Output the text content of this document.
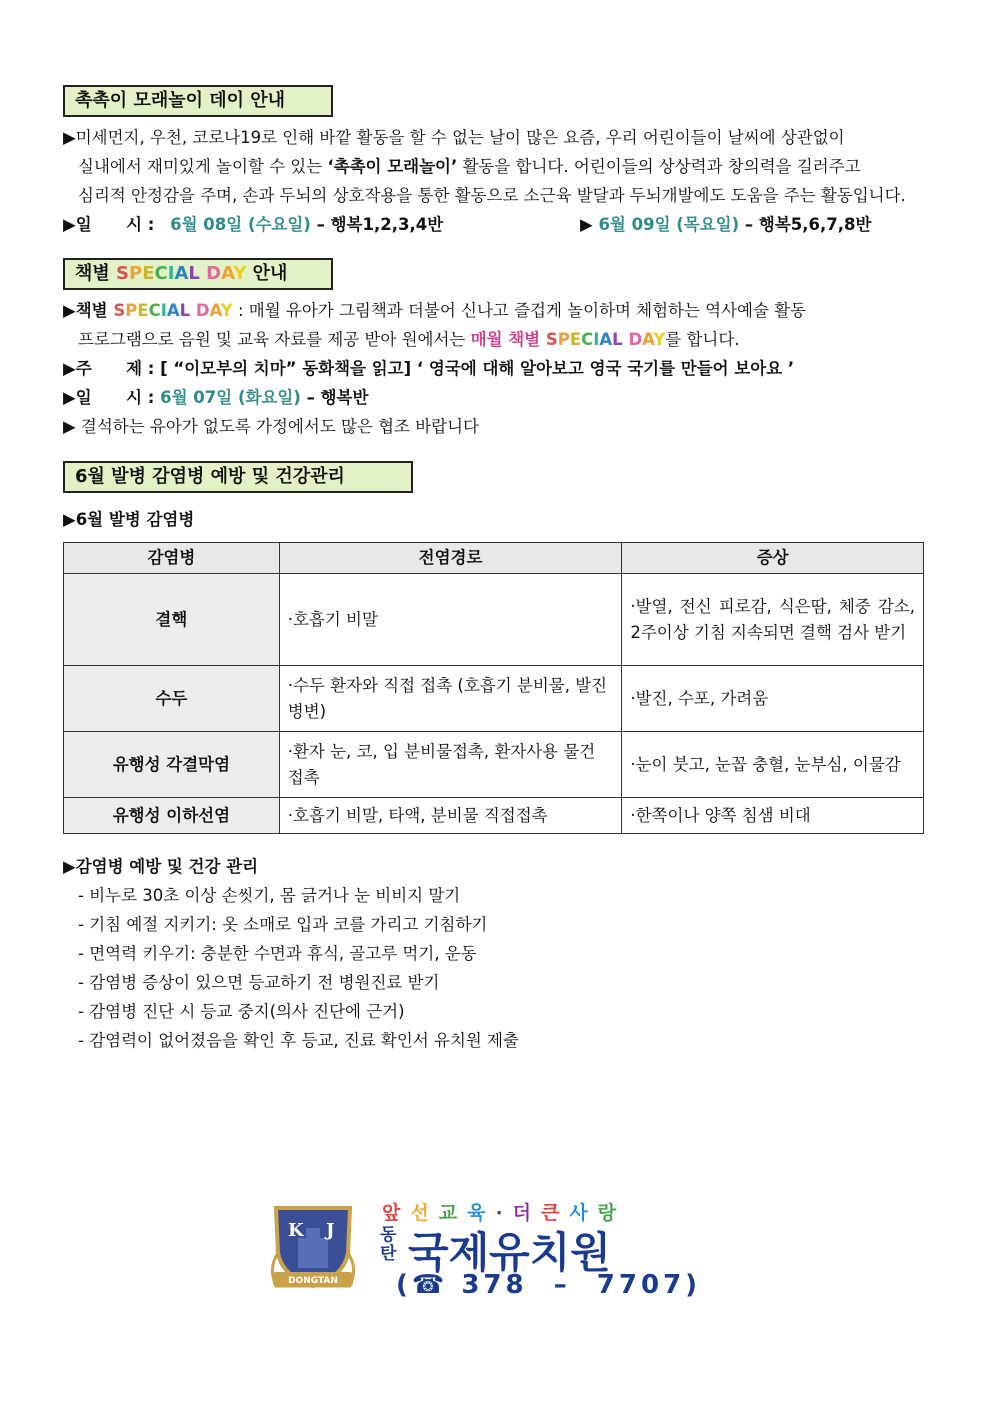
촉촉이 모래놀이 데이 안내
▶미세먼지, 우천, 코로나19로 인해 바깥 활동을 할 수 없는 날이 많은 요즘, 우리 어린이들이 날씨에 상관없이
실내에서 재미있게 놀이할 수 있는 ‘촉촉이 모래놀이’ 활동을 합니다. 어린이들의 상상력과 창의력을 길러주고
심리적 안정감을 주며, 손과 두뇌의 상호작용을 통한 활동으로 소근육 발달과 두뇌개발에도 도움을 주는 활동입니다.
▶일      시 : 6월 08일 (수요일) – 행복1,2,3,4반	▶ 6월 09일 (목요일) – 행복5,6,7,8반
책별 SPECIAL DAY 안내
▶책별 SPECIAL DAY : 매월 유아가 그림책과 더불어 신나고 즐겁게 놀이하며 체험하는 역사예술 활동
프로그램으로 음원 및 교육 자료를 제공 받아 원에서는 매월 책별 SPECIAL DAY를 합니다.
▶주      제 : [ “이모부의 치마” 동화책을 읽고] ‘ 영국에 대해 알아보고 영국 국기를 만들어 보아요 ’
▶일      시 : 6월 07일 (화요일) – 행복반
▶ 결석하는 유아가 없도록 가정에서도 많은 협조 바랍니다
6월 발병 감염병 예방 및 건강관리
▶6월 발병 감염병
감염병	전염경로	증상
결핵	·호흡기 비말	·발열, 전신 피로감, 식은땀, 체중 감소, 2주이상 기침 지속되면 결핵 검사 받기
수두	·수두 환자와 직접 접촉 (호흡기 분비물, 발진병변)	·발진, 수포, 가려움
유행성 각결막염	·환자 눈, 코, 입 분비물접촉, 환자사용 물건 접촉	·눈이 붓고, 눈꼽 충혈, 눈부심, 이물감
유행성 이하선염	·호흡기 비말, 타액, 분비물 직접접촉	·한쪽이나 양쪽 침샘 비대
▶감염병 예방 및 건강 관리
- 비누로 30초 이상 손씻기, 몸 긁거나 눈 비비지 말기
- 기침 예절 지키기: 옷 소매로 입과 코를 가리고 기침하기
- 면역력 키우기: 충분한 수면과 휴식, 골고루 먹기, 운동
- 감염병 증상이 있으면 등교하기 전 병원진료 받기
- 감염병 진단 시 등교 중지(의사 진단에 근거)
- 감염력이 없어졌음을 확인 후 등교, 진료 확인서 유치원 제출
K J
DONGTAN
앞선교육·더큰사랑
동
탄 국제유치원
(☎ 378  –  7707)
